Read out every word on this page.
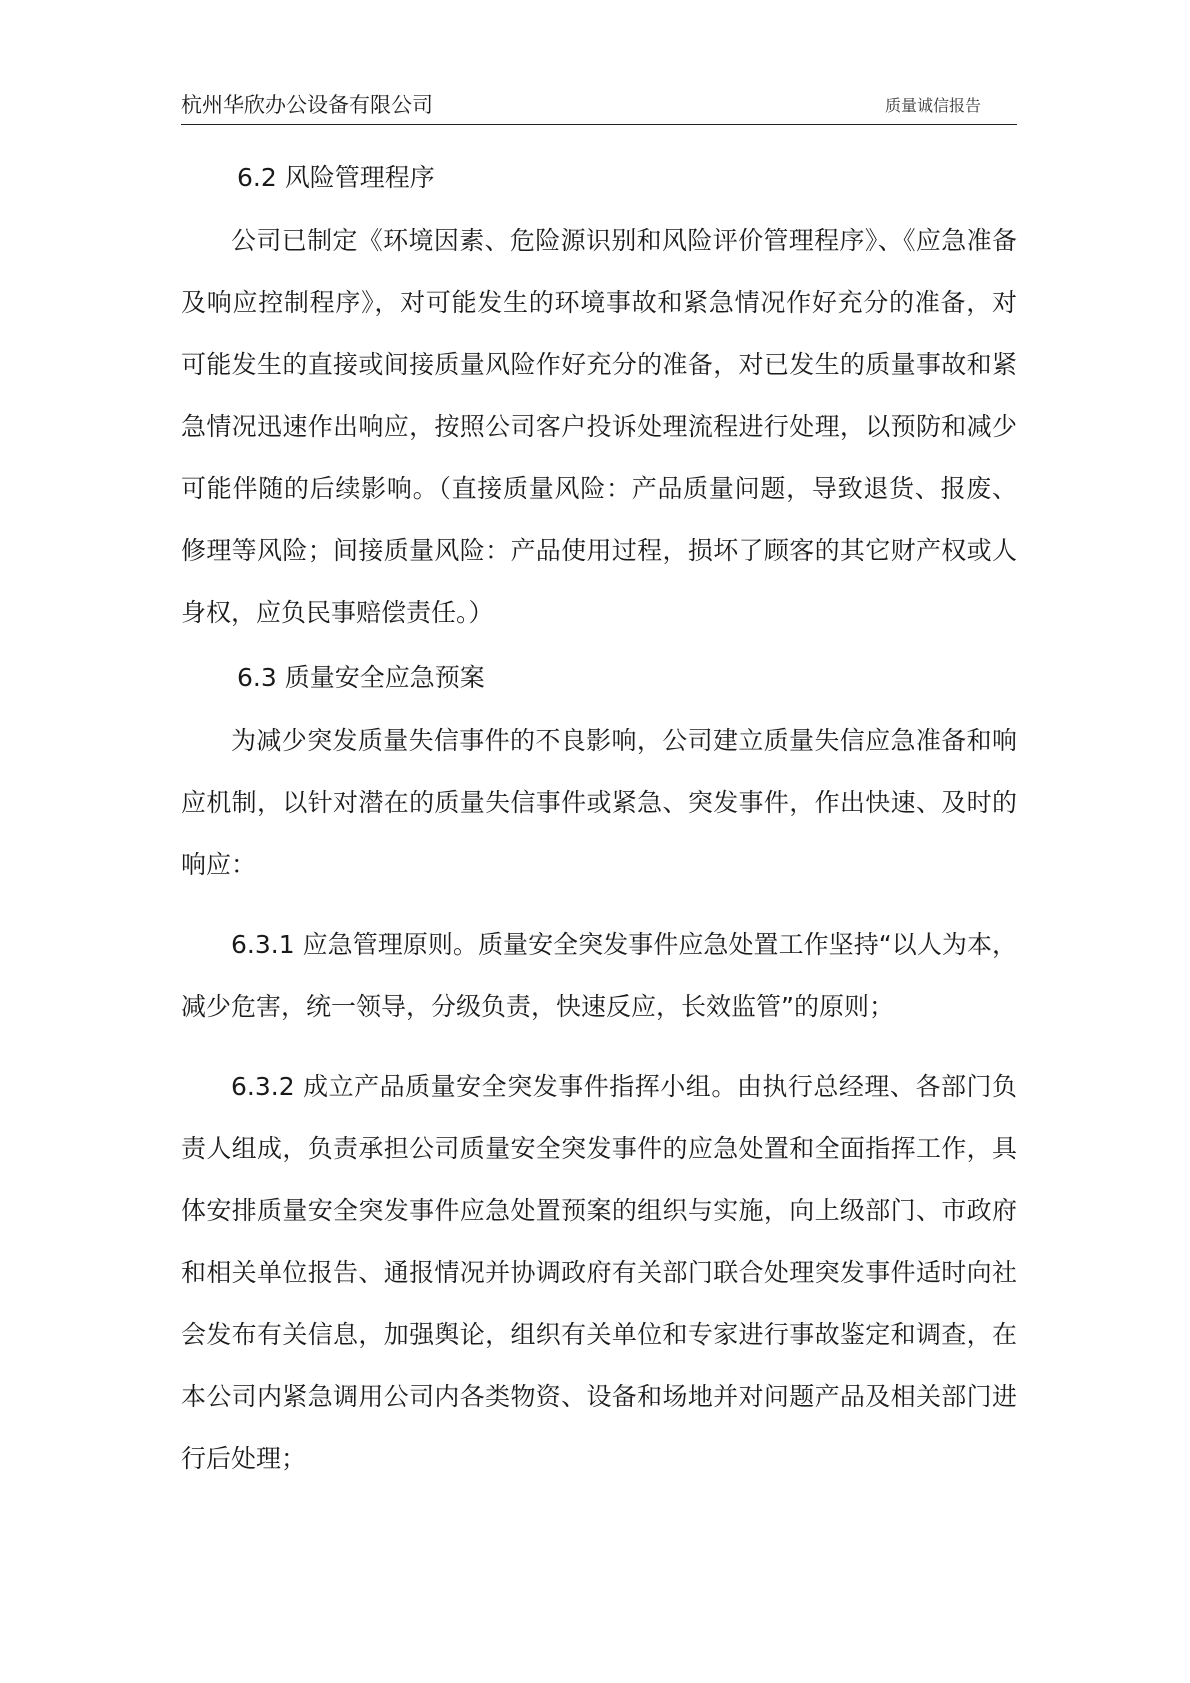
杭州华欣办公设备有限公司	质量诚信报告
6.2 风险管理程序

公司已制定《环境因素、危险源识别和风险评价管理程序》、《应急准备及响应控制程序》，对可能发生的环境事故和紧急情况作好充分的准备，对可能发生的直接或间接质量风险作好充分的准备，对已发生的质量事故和紧急情况迅速作出响应，按照公司客户投诉处理流程进行处理，以预防和减少可能伴随的后续影响。（直接质量风险：产品质量问题，导致退货、报废、修理等风险；间接质量风险：产品使用过程，损坏了顾客的其它财产权或人身权，应负民事赔偿责任。）

6.3 质量安全应急预案

为减少突发质量失信事件的不良影响，公司建立质量失信应急准备和响应机制，以针对潜在的质量失信事件或紧急、突发事件，作出快速、及时的响应：

6.3.1 应急管理原则。质量安全突发事件应急处置工作坚持“以人为本，减少危害，统一领导，分级负责，快速反应，长效监管”的原则；

6.3.2 成立产品质量安全突发事件指挥小组。由执行总经理、各部门负责人组成，负责承担公司质量安全突发事件的应急处置和全面指挥工作，具体安排质量安全突发事件应急处置预案的组织与实施，向上级部门、市政府和相关单位报告、通报情况并协调政府有关部门联合处理突发事件适时向社会发布有关信息，加强舆论，组织有关单位和专家进行事故鉴定和调查，在本公司内紧急调用公司内各类物资、设备和场地并对问题产品及相关部门进行后处理；
